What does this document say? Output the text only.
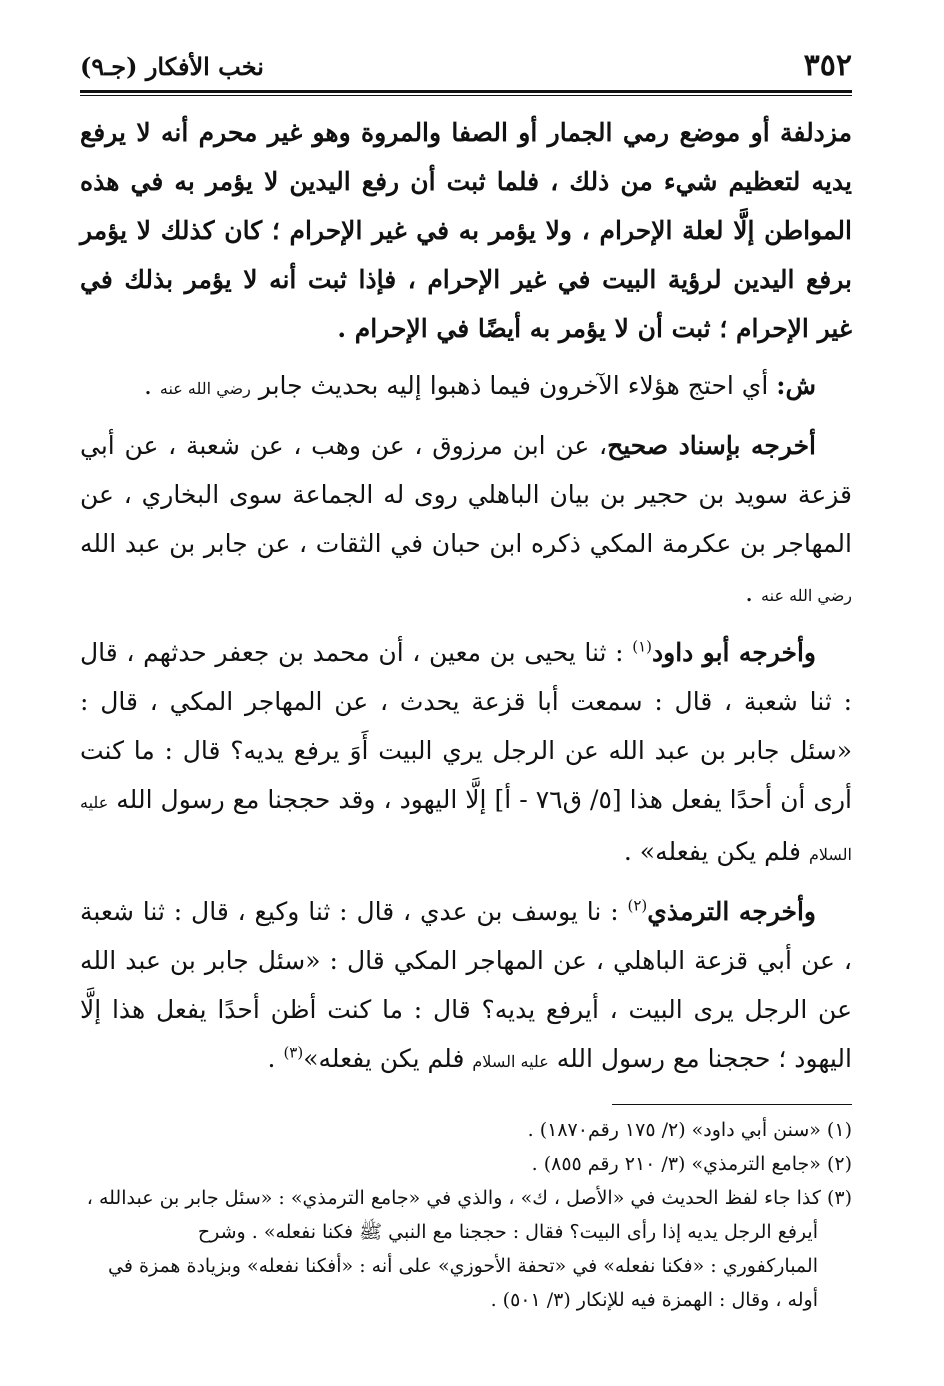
٣٥٢
نخب الأفكار (جـ٩)

مزدلفة أو موضع رمي الجمار أو الصفا والمروة وهو غير محرم أنه لا يرفع يديه لتعظيم شيء من ذلك ، فلما ثبت أن رفع اليدين لا يؤمر به في هذه المواطن إلَّا لعلة الإحرام ، ولا يؤمر به في غير الإحرام ؛ كان كذلك لا يؤمر برفع اليدين لرؤية البيت في غير الإحرام ، فإذا ثبت أنه لا يؤمر بذلك في غير الإحرام ؛ ثبت أن لا يؤمر به أيضًا في الإحرام .

ش: أي احتج هؤلاء الآخرون فيما ذهبوا إليه بحديث جابر رضي الله عنه .

أخرجه بإسناد صحيح، عن ابن مرزوق ، عن وهب ، عن شعبة ، عن أبي قزعة سويد بن حجير بن بيان الباهلي روى له الجماعة سوى البخاري ، عن المهاجر بن عكرمة المكي ذكره ابن حبان في الثقات ، عن جابر بن عبد الله رضي الله عنه .

وأخرجه أبو داود$^{(١)}$ : ثنا يحيى بن معين ، أن محمد بن جعفر حدثهم ، قال : ثنا شعبة ، قال : سمعت أبا قزعة يحدث ، عن المهاجر المكي ، قال : «سئل جابر بن عبد الله عن الرجل يري البيت أَوَ يرفع يديه؟ قال : ما كنت أرى أن أحدًا يفعل هذا [٥/ ق٧٦ - أ] إلَّا اليهود ، وقد حججنا مع رسول الله عليه السلام فلم يكن يفعله» .

وأخرجه الترمذي$^{(٢)}$ : نا يوسف بن عدي ، قال : ثنا وكيع ، قال : ثنا شعبة ، عن أبي قزعة الباهلي ، عن المهاجر المكي قال : «سئل جابر بن عبد الله عن الرجل يرى البيت ، أيرفع يديه؟ قال : ما كنت أظن أحدًا يفعل هذا إلَّا اليهود ؛ حججنا مع رسول الله عليه السلام فلم يكن يفعله»$^{(٣)}$ .

(١) «سنن أبي داود» (٢/ ١٧٥ رقم١٨٧٠) .

(٢) «جامع الترمذي» (٣/ ٢١٠ رقم ٨٥٥) .

(٣) كذا جاء لفظ الحديث في «الأصل ، ك» ، والذي في «جامع الترمذي» : «سئل جابر بن عبدالله ،

أيرفع الرجل يديه إذا رأى البيت؟ فقال : حججنا مع النبي ﷺ فكنا نفعله» . وشرح

المباركفوري : «فكنا نفعله» في «تحفة الأحوزي» على أنه : «أفكنا نفعله» وبزيادة همزة في

أوله ، وقال : الهمزة فيه للإنكار (٣/ ٥٠١) .
